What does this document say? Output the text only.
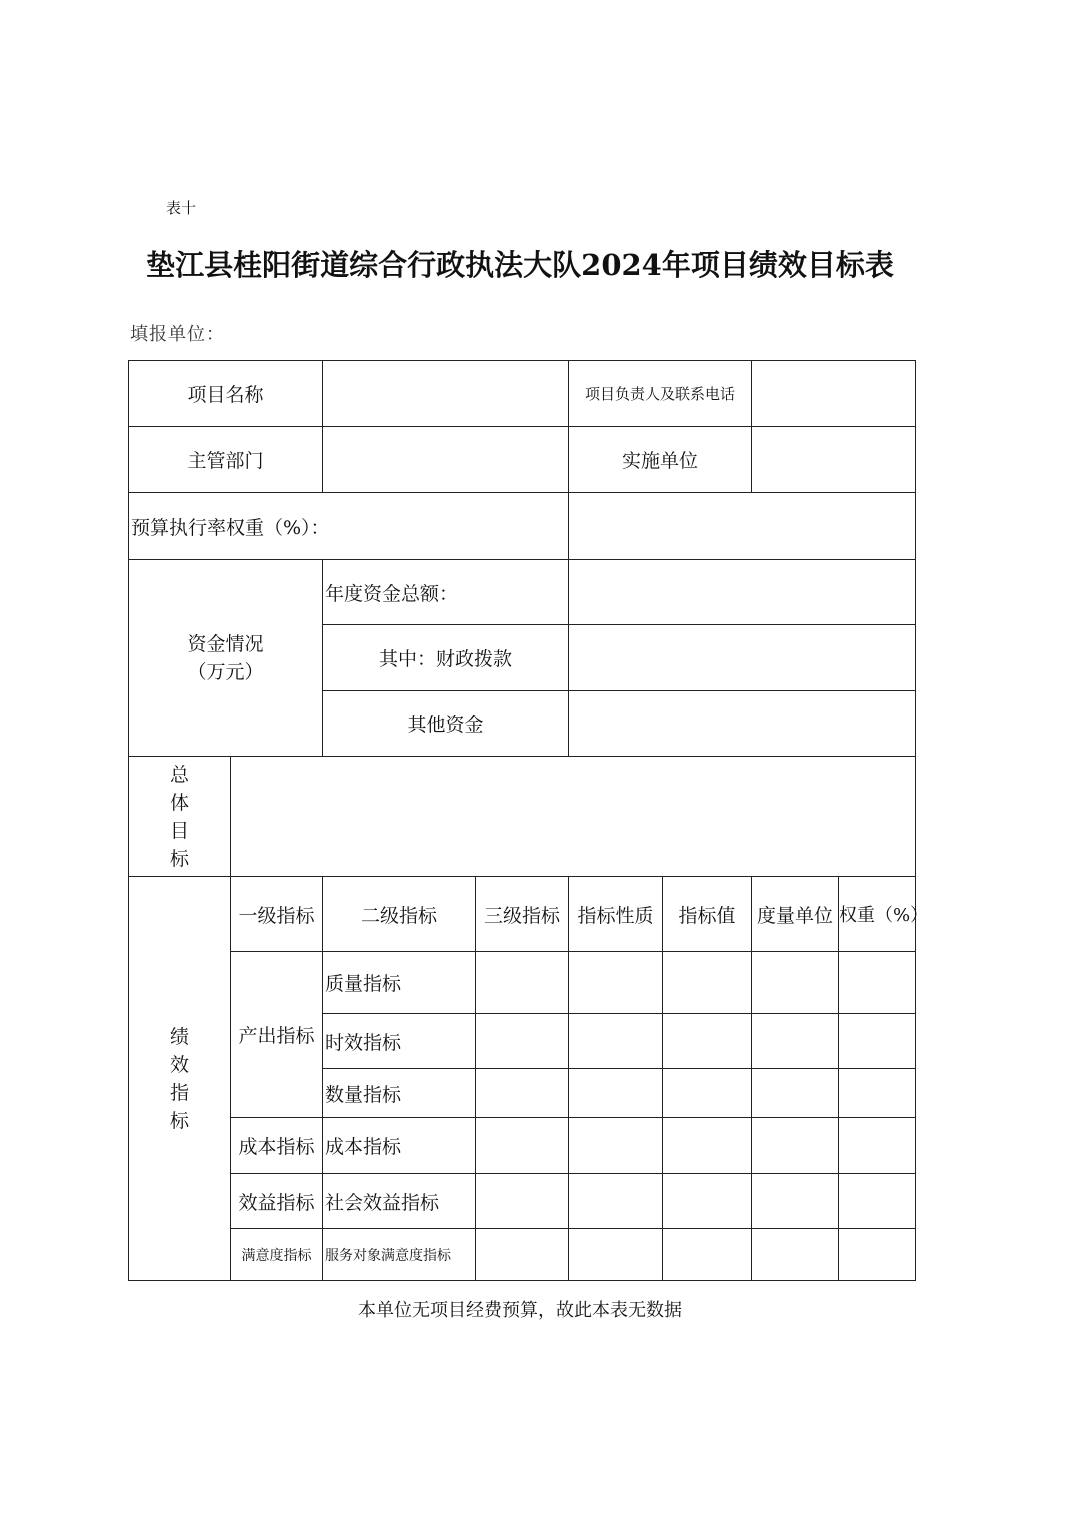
表十
垫江县桂阳街道综合行政执法大队2024年项目绩效目标表
填报单位：
项目名称				项目负责人及联系电话			
主管部门				实施单位			
预算执行率权重（%）：							
资金情况
（万元）		年度资金总额：					
		其中：财政拨款					
		其他资金					

总
体
目
标							

绩
效
指
标	一级指标	二级指标	三级指标	指标性质	指标值	度量单位	权重（%）
	产出指标	质量指标					
		时效指标					
		数量指标					
	成本指标	成本指标					
	效益指标	社会效益指标					
	满意度指标	服务对象满意度指标					
本单位无项目经费预算，故此本表无数据
